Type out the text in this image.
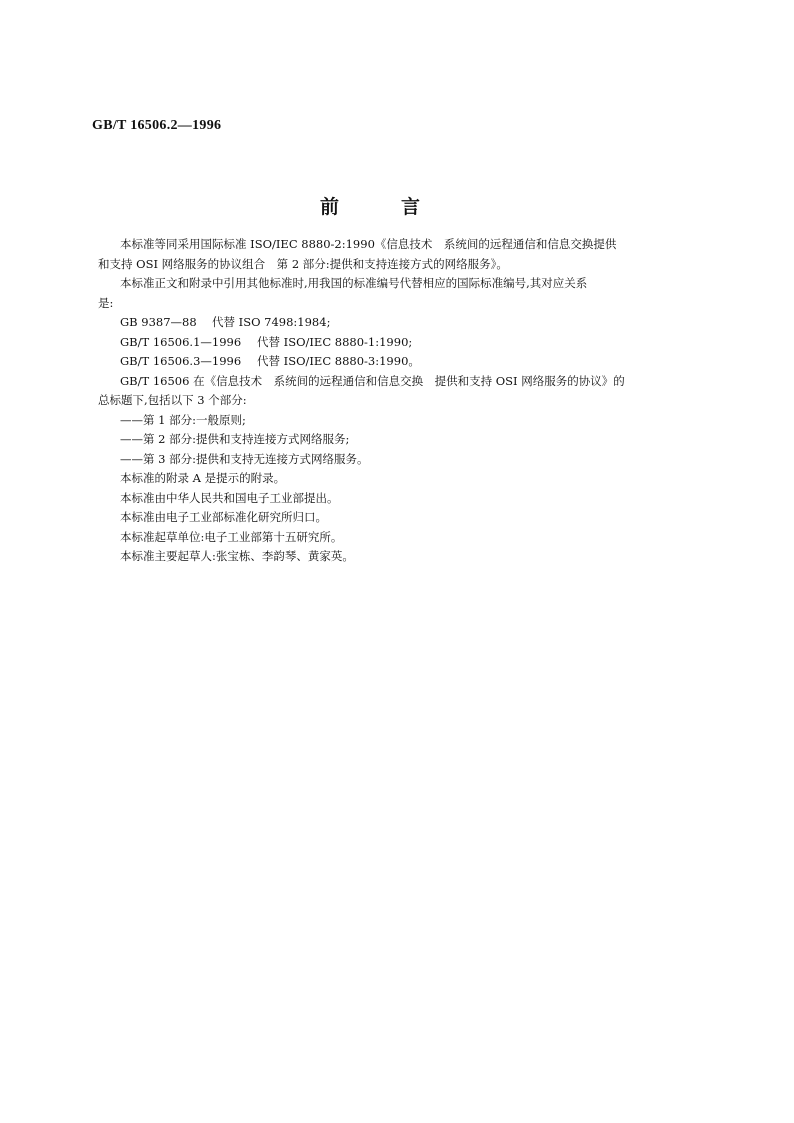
GB/T 16506.2—1996
前	言

本标准等同采用国际标准 ISO/IEC 8880-2:1990《信息技术　系统间的远程通信和信息交换提供

和支持 OSI 网络服务的协议组合　第 2 部分:提供和支持连接方式的网络服务》。

本标准正文和附录中引用其他标准时,用我国的标准编号代替相应的国际标准编号,其对应关系

是:

GB 9387—88	代替 ISO 7498:1984;
GB/T 16506.1—1996	代替 ISO/IEC 8880-1:1990;
GB/T 16506.3—1996	代替 ISO/IEC 8880-3:1990。

GB/T 16506 在《信息技术　系统间的远程通信和信息交换　提供和支持 OSI 网络服务的协议》的

总标题下,包括以下 3 个部分:

——第 1 部分:一般原则;

——第 2 部分:提供和支持连接方式网络服务;

——第 3 部分:提供和支持无连接方式网络服务。

本标准的附录 A 是提示的附录。

本标准由中华人民共和国电子工业部提出。

本标准由电子工业部标准化研究所归口。

本标准起草单位:电子工业部第十五研究所。

本标准主要起草人:张宝栋、李韵琴、黄家英。
